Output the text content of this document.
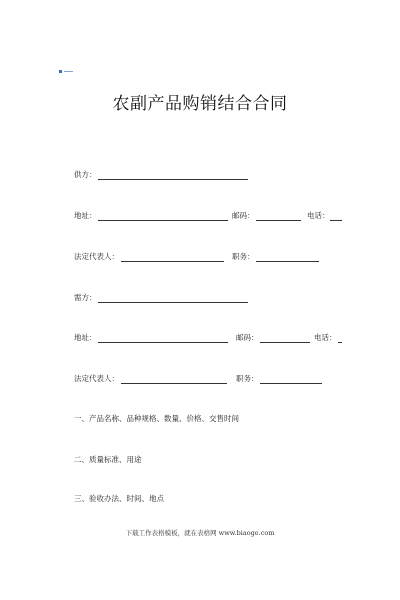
农副产品购销结合合同
供方：
地址：	邮码：	电话：
法定代表人：	职务：
需方：
地址：	邮码：	电话：
法定代表人：	职务：
一、产品名称、品种规格、数量、价格、交售时间
二、质量标准、用途
三、验收办法、时间、地点
下载工作表格模板，就在表格网 www.biaoge.com
